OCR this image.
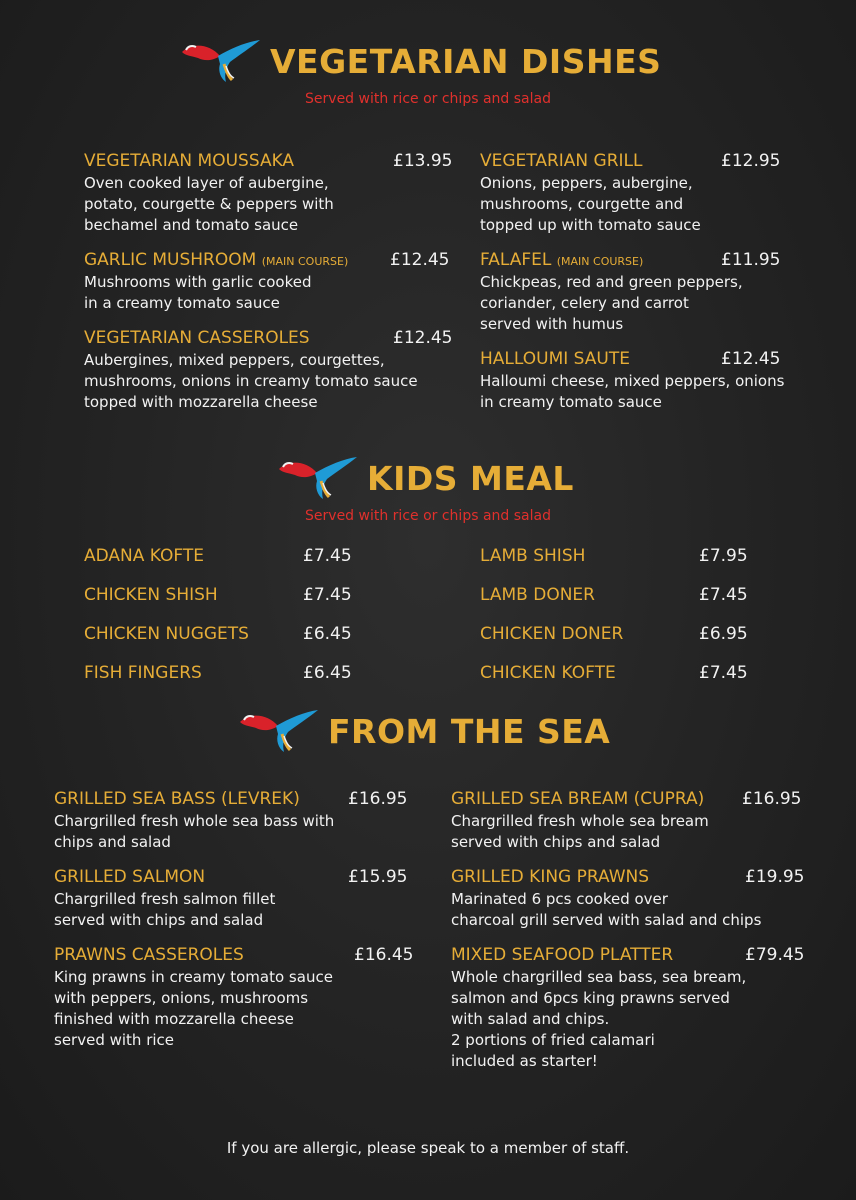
VEGETARIAN DISHES
Served with rice or chips and salad
VEGETARIAN MOUSSAKA	£13.95
Oven cooked layer of aubergine,
potato, courgette & peppers with
bechamel and tomato sauce
GARLIC MUSHROOM (MAIN COURSE) £12.45
Mushrooms with garlic cooked
in a creamy tomato sauce
VEGETARIAN CASSEROLES	£12.45
Aubergines, mixed peppers, courgettes,
mushrooms, onions in creamy tomato sauce
topped with mozzarella cheese
VEGETARIAN GRILL	£12.95
Onions, peppers, aubergine,
mushrooms, courgette and
topped up with tomato sauce
FALAFEL (MAIN COURSE)	£11.95
Chickpeas, red and green peppers,
coriander, celery and carrot
served with humus
HALLOUMI SAUTE	£12.45
Halloumi cheese, mixed peppers, onions
in creamy tomato sauce
KIDS MEAL
Served with rice or chips and salad
ADANA KOFTE	£7.45
CHICKEN SHISH	£7.45
CHICKEN NUGGETS	£6.45
FISH FINGERS	£6.45
LAMB SHISH	£7.95
LAMB DONER	£7.45
CHICKEN DONER	£6.95
CHICKEN KOFTE	£7.45
FROM THE SEA
GRILLED SEA BASS (LEVREK)	£16.95
Chargrilled fresh whole sea bass with
chips and salad
GRILLED SALMON	£15.95
Chargrilled fresh salmon fillet
served with chips and salad
PRAWNS CASSEROLES	£16.45
King prawns in creamy tomato sauce
with peppers, onions, mushrooms
finished with mozzarella cheese
served with rice
GRILLED SEA BREAM (CUPRA) £16.95
Chargrilled fresh whole sea bream
served with chips and salad
GRILLED KING PRAWNS	£19.95
Marinated 6 pcs cooked over
charcoal grill served with salad and chips
MIXED SEAFOOD PLATTER	£79.45
Whole chargrilled sea bass, sea bream,
salmon and 6pcs king prawns served
with salad and chips.
2 portions of fried calamari
included as starter!
If you are allergic, please speak to a member of staff.
